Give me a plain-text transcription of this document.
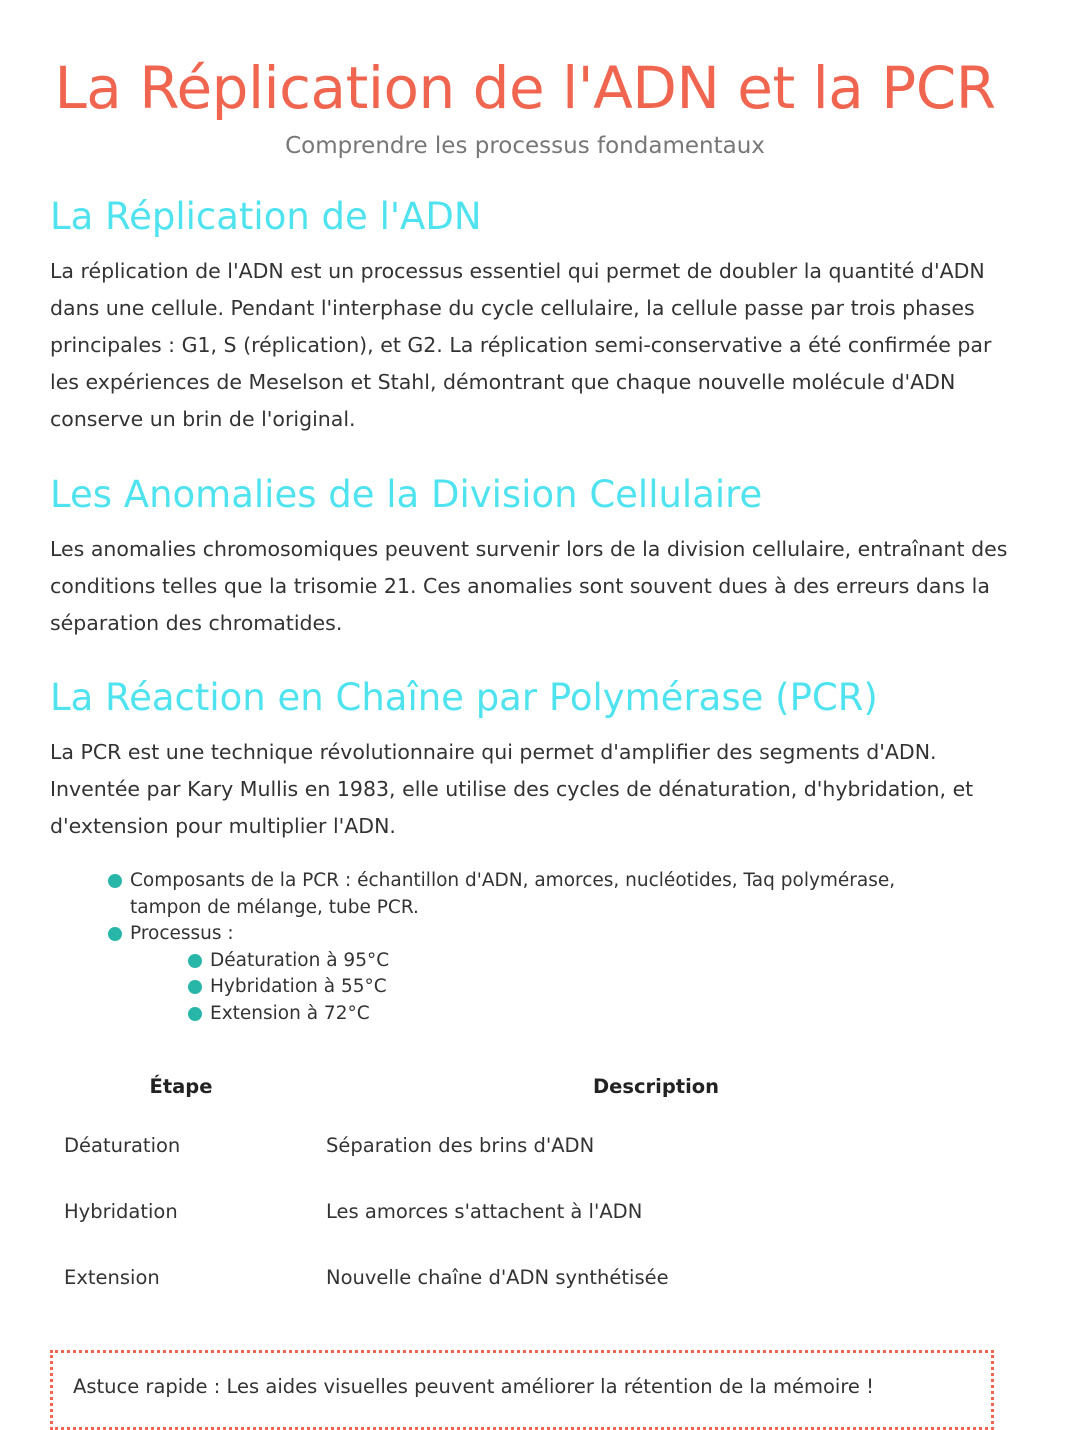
La Réplication de l'ADN et la PCR
Comprendre les processus fondamentaux
La Réplication de l'ADN

La réplication de l'ADN est un processus essentiel qui permet de doubler la quantité d'ADN dans une cellule. Pendant l'interphase du cycle cellulaire, la cellule passe par trois phases principales : G1, S (réplication), et G2. La réplication semi-conservative a été confirmée par les expériences de Meselson et Stahl, démontrant que chaque nouvelle molécule d'ADN conserve un brin de l'original.

Les Anomalies de la Division Cellulaire

Les anomalies chromosomiques peuvent survenir lors de la division cellulaire, entraînant des conditions telles que la trisomie 21. Ces anomalies sont souvent dues à des erreurs dans la séparation des chromatides.

La Réaction en Chaîne par Polymérase (PCR)

La PCR est une technique révolutionnaire qui permet d'amplifier des segments d'ADN. Inventée par Kary Mullis en 1983, elle utilise des cycles de dénaturation, d'hybridation, et d'extension pour multiplier l'ADN.

Composants de la PCR : échantillon d'ADN, amorces, nucléotides, Taq polymérase, tampon de mélange, tube PCR.
Processus :
Déaturation à 95°C
Hybridation à 55°C
Extension à 72°C
Étape	Description
Déaturation	Séparation des brins d'ADN
Hybridation	Les amorces s'attachent à l'ADN
Extension	Nouvelle chaîne d'ADN synthétisée
Astuce rapide : Les aides visuelles peuvent améliorer la rétention de la mémoire !
